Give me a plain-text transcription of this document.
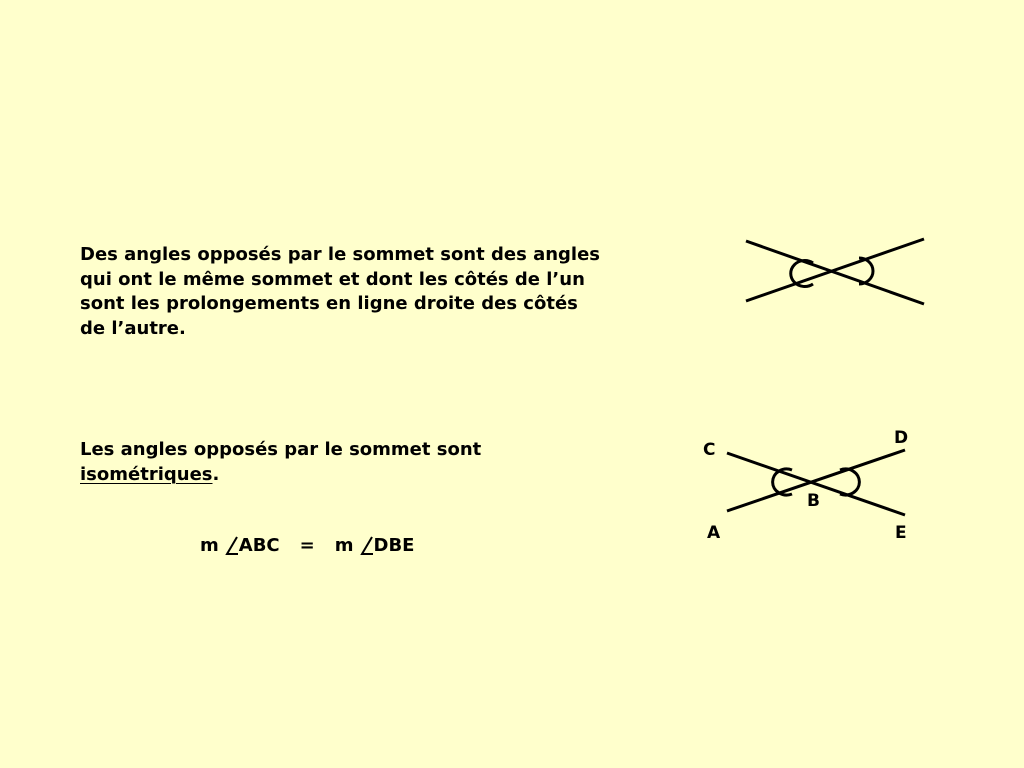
Des angles opposés par le sommet sont des angles
qui ont le même sommet et dont les côtés de l’un
sont les prolongements en ligne droite des côtés
de l’autre.
Les angles opposés par le sommet sont
isométriques.
m ABC = m DBE
C
D
B
A	E
